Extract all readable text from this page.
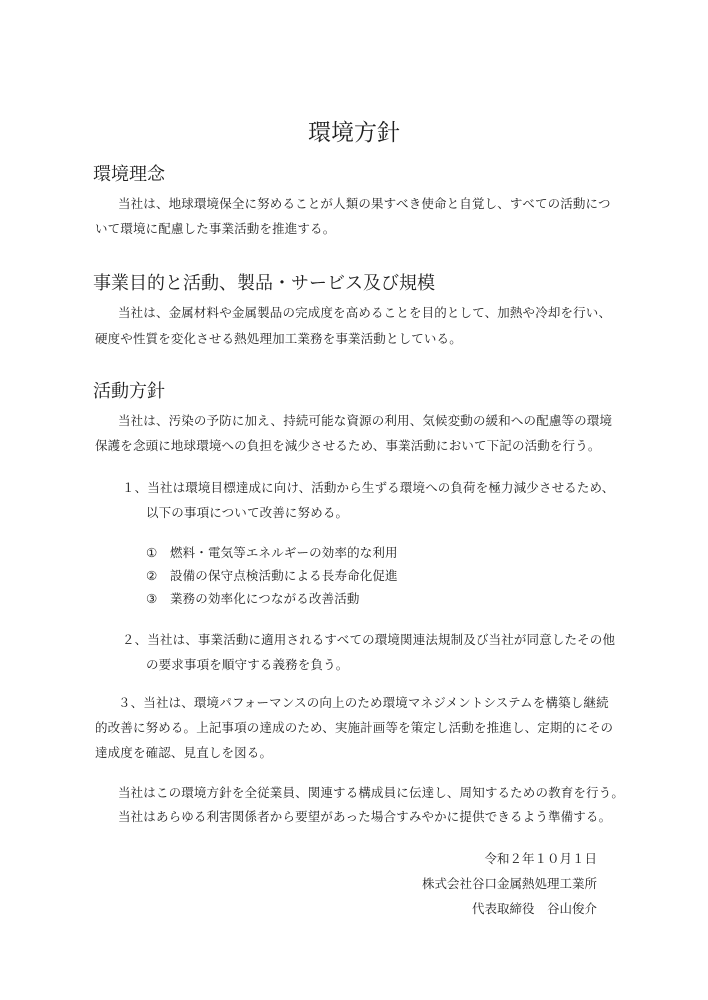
環境方針
環境理念
当社は、地球環境保全に努めることが人類の果すべき使命と自覚し、すべての活動につ
いて環境に配慮した事業活動を推進する。
事業目的と活動、製品・サービス及び規模
当社は、金属材料や金属製品の完成度を高めることを目的として、加熱や冷却を行い、
硬度や性質を変化させる熱処理加工業務を事業活動としている。
活動方針
当社は、汚染の予防に加え、持続可能な資源の利用、気候変動の緩和への配慮等の環境
保護を念頭に地球環境への負担を減少させるため、事業活動において下記の活動を行う。
１、当社は環境目標達成に向け、活動から生ずる環境への負荷を極力減少させるため、
以下の事項について改善に努める。
①　燃料・電気等エネルギーの効率的な利用
②　設備の保守点検活動による長寿命化促進
③　業務の効率化につながる改善活動
２、当社は、事業活動に適用されるすべての環境関連法規制及び当社が同意したその他
の要求事項を順守する義務を負う。
３、当社は、環境パフォーマンスの向上のため環境マネジメントシステムを構築し継続
的改善に努める。上記事項の達成のため、実施計画等を策定し活動を推進し、定期的にその
達成度を確認、見直しを図る。
当社はこの環境方針を全従業員、関連する構成員に伝達し、周知するための教育を行う。
当社はあらゆる利害関係者から要望があった場合すみやかに提供できるよう準備する。
令和２年１０月１日
株式会社谷口金属熱処理工業所
代表取締役　谷山俊介
